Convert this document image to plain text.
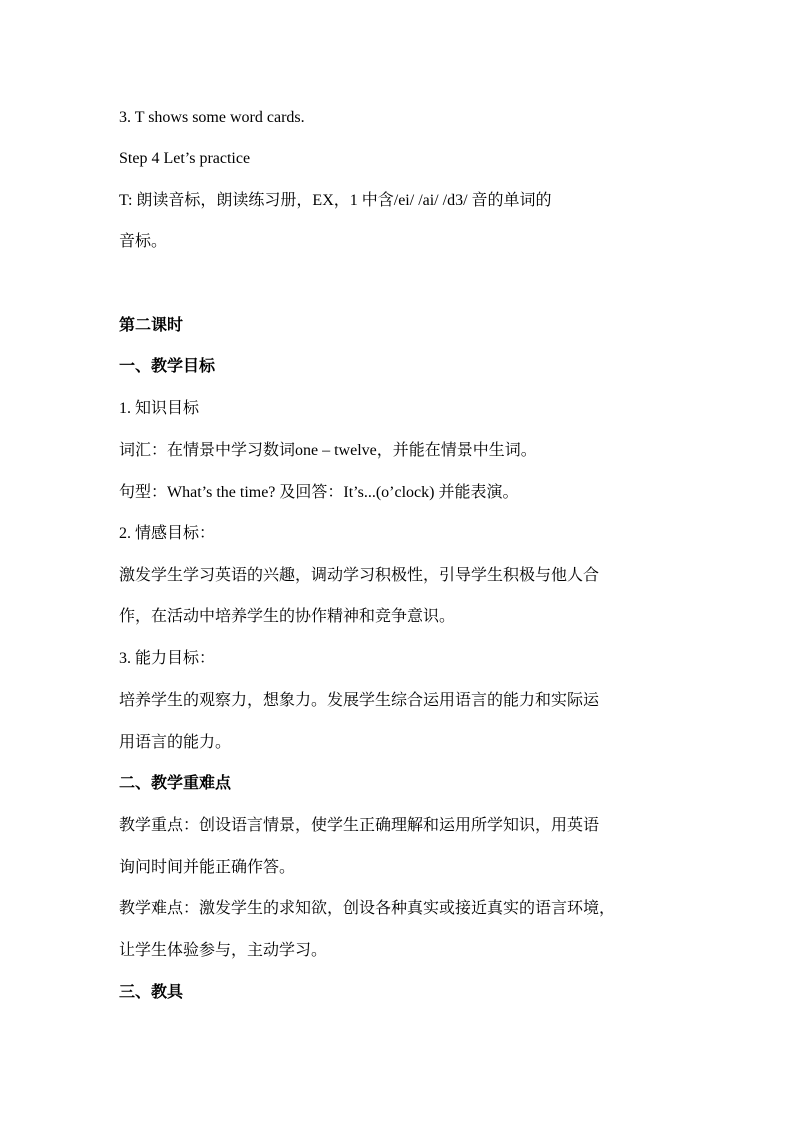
3. T shows some word cards.
Step 4 Let’s practice
T: 朗读音标，朗读练习册，EX，1 中含/ei/ /ai/ /d3/ 音的单词的
音标。
第二课时
一、教学目标
1. 知识目标
词汇：在情景中学习数词one – twelve，并能在情景中生词。
句型：What’s the time? 及回答：It’s...(o’clock) 并能表演。
2. 情感目标：
激发学生学习英语的兴趣，调动学习积极性，引导学生积极与他人合
作，在活动中培养学生的协作精神和竞争意识。
3. 能力目标：
培养学生的观察力，想象力。发展学生综合运用语言的能力和实际运
用语言的能力。
二、教学重难点
教学重点：创设语言情景，使学生正确理解和运用所学知识，用英语
询问时间并能正确作答。
教学难点：激发学生的求知欲，创设各种真实或接近真实的语言环境，
让学生体验参与，主动学习。
三、教具
